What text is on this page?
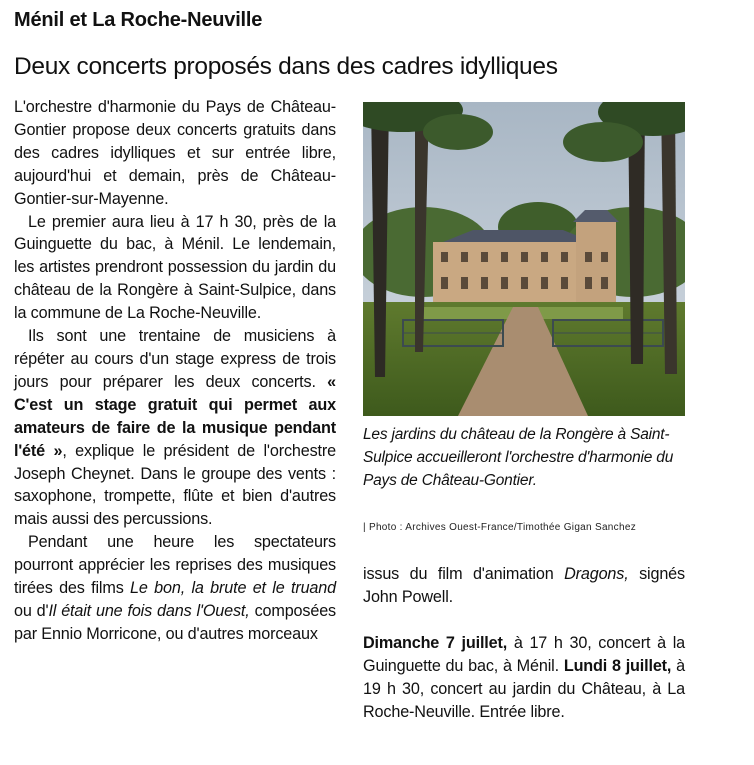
Ménil et La Roche-Neuville
Deux concerts proposés dans des cadres idylliques

L'orchestre d'harmonie du Pays de Château-Gontier propose deux concerts gratuits dans des cadres idylliques et sur entrée libre, aujourd'hui et demain, près de Château-Gontier-sur-Mayenne.

Le premier aura lieu à 17 h 30, près de la Guinguette du bac, à Ménil. Le lendemain, les artistes prendront possession du jardin du château de la Rongère à Saint-Sulpice, dans la commune de La Roche-Neuville.

Ils sont une trentaine de musiciens à répéter au cours d'un stage express de trois jours pour préparer les deux concerts. « C'est un stage gratuit qui permet aux amateurs de faire de la musique pendant l'été », explique le président de l'orchestre Joseph Cheynet. Dans le groupe des vents : saxophone, trompette, flûte et bien d'autres mais aussi des percussions.

Pendant une heure les spectateurs pourront apprécier les reprises des musiques tirées des films Le bon, la brute et le truand ou d'Il était une fois dans l'Ouest, composées par Ennio Morricone, ou d'autres morceaux

Les jardins du château de la Rongère à Saint-Sulpice accueilleront l'orchestre d'harmonie du Pays de Château-Gontier.
| Photo : Archives Ouest-France/Timothée Gigan Sanchez

issus du film d'animation Dragons, signés John Powell.

Dimanche 7 juillet, à 17 h 30, concert à la Guinguette du bac, à Ménil. Lundi 8 juillet, à 19 h 30, concert au jardin du Château, à La Roche-Neuville. Entrée libre.
